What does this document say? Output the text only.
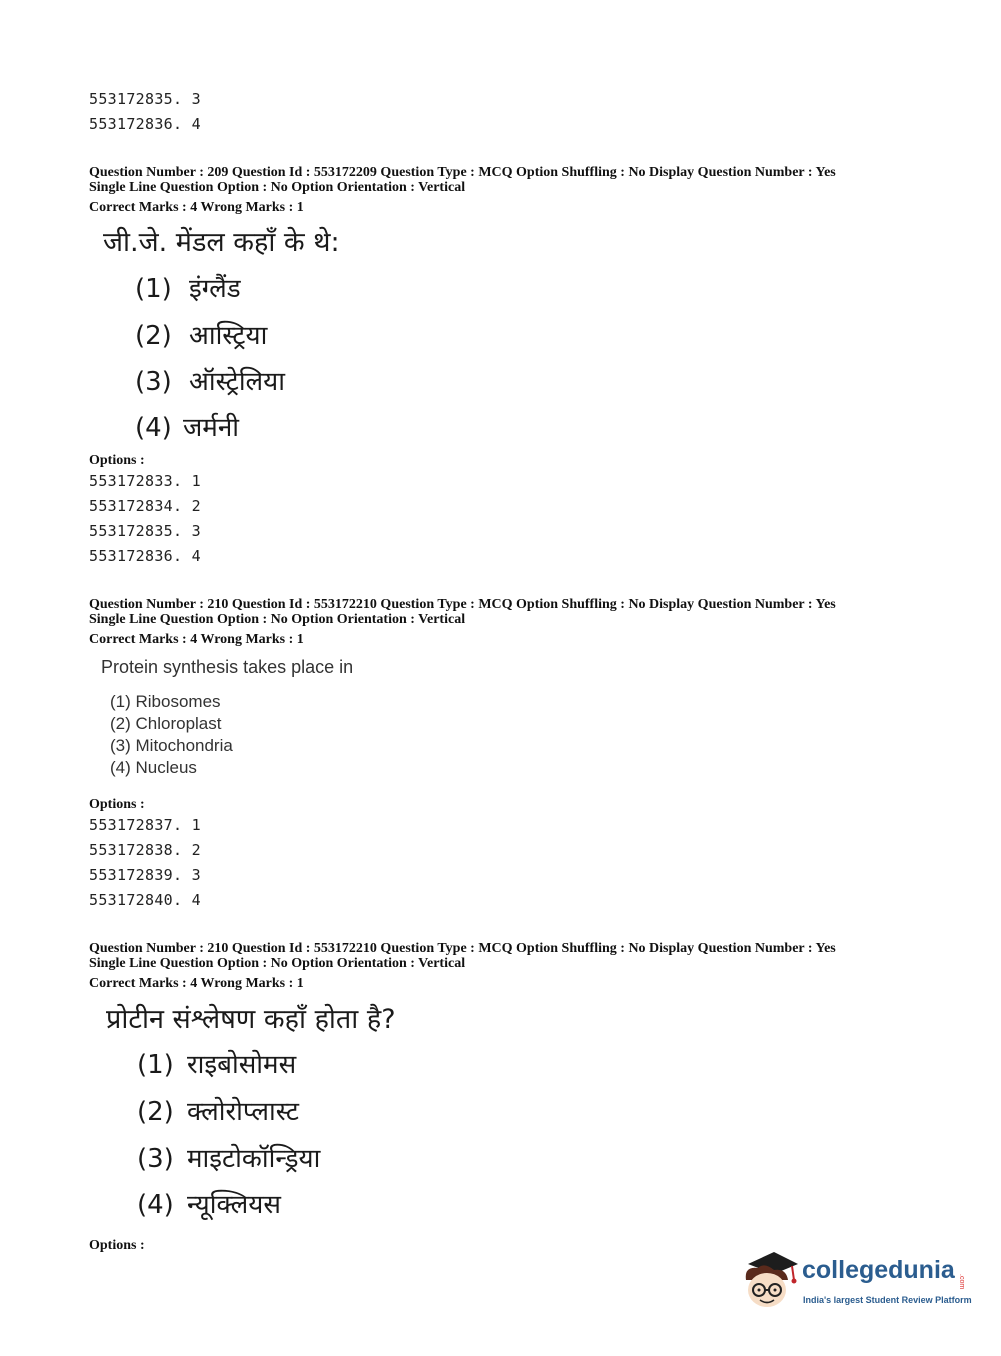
553172835. 3
553172836. 4
Question Number : 209 Question Id : 553172209 Question Type : MCQ Option Shuffling : No Display Question Number : Yes
Single Line Question Option : No Option Orientation : Vertical
Correct Marks : 4 Wrong Marks : 1
जी.जे. मेंडल कहाँ के थे:
(1) इंग्लैंड
(2) आस्ट्रिया
(3) ऑस्ट्रेलिया
(4) जर्मनी
Options :
553172833. 1
553172834. 2
553172835. 3
553172836. 4
Question Number : 210 Question Id : 553172210 Question Type : MCQ Option Shuffling : No Display Question Number : Yes
Single Line Question Option : No Option Orientation : Vertical
Correct Marks : 4 Wrong Marks : 1
Protein synthesis takes place in
(1) Ribosomes
(2) Chloroplast
(3) Mitochondria
(4) Nucleus
Options :
553172837. 1
553172838. 2
553172839. 3
553172840. 4
Question Number : 210 Question Id : 553172210 Question Type : MCQ Option Shuffling : No Display Question Number : Yes
Single Line Question Option : No Option Orientation : Vertical
Correct Marks : 4 Wrong Marks : 1
प्रोटीन संश्लेषण कहाँ होता है?
(1) राइबोसोमस
(2) क्लोरोप्लास्ट
(3) माइटोकॉन्ड्रिया
(4) न्यूक्लियस
Options :
collegedunia .com
India's largest Student Review Platform
